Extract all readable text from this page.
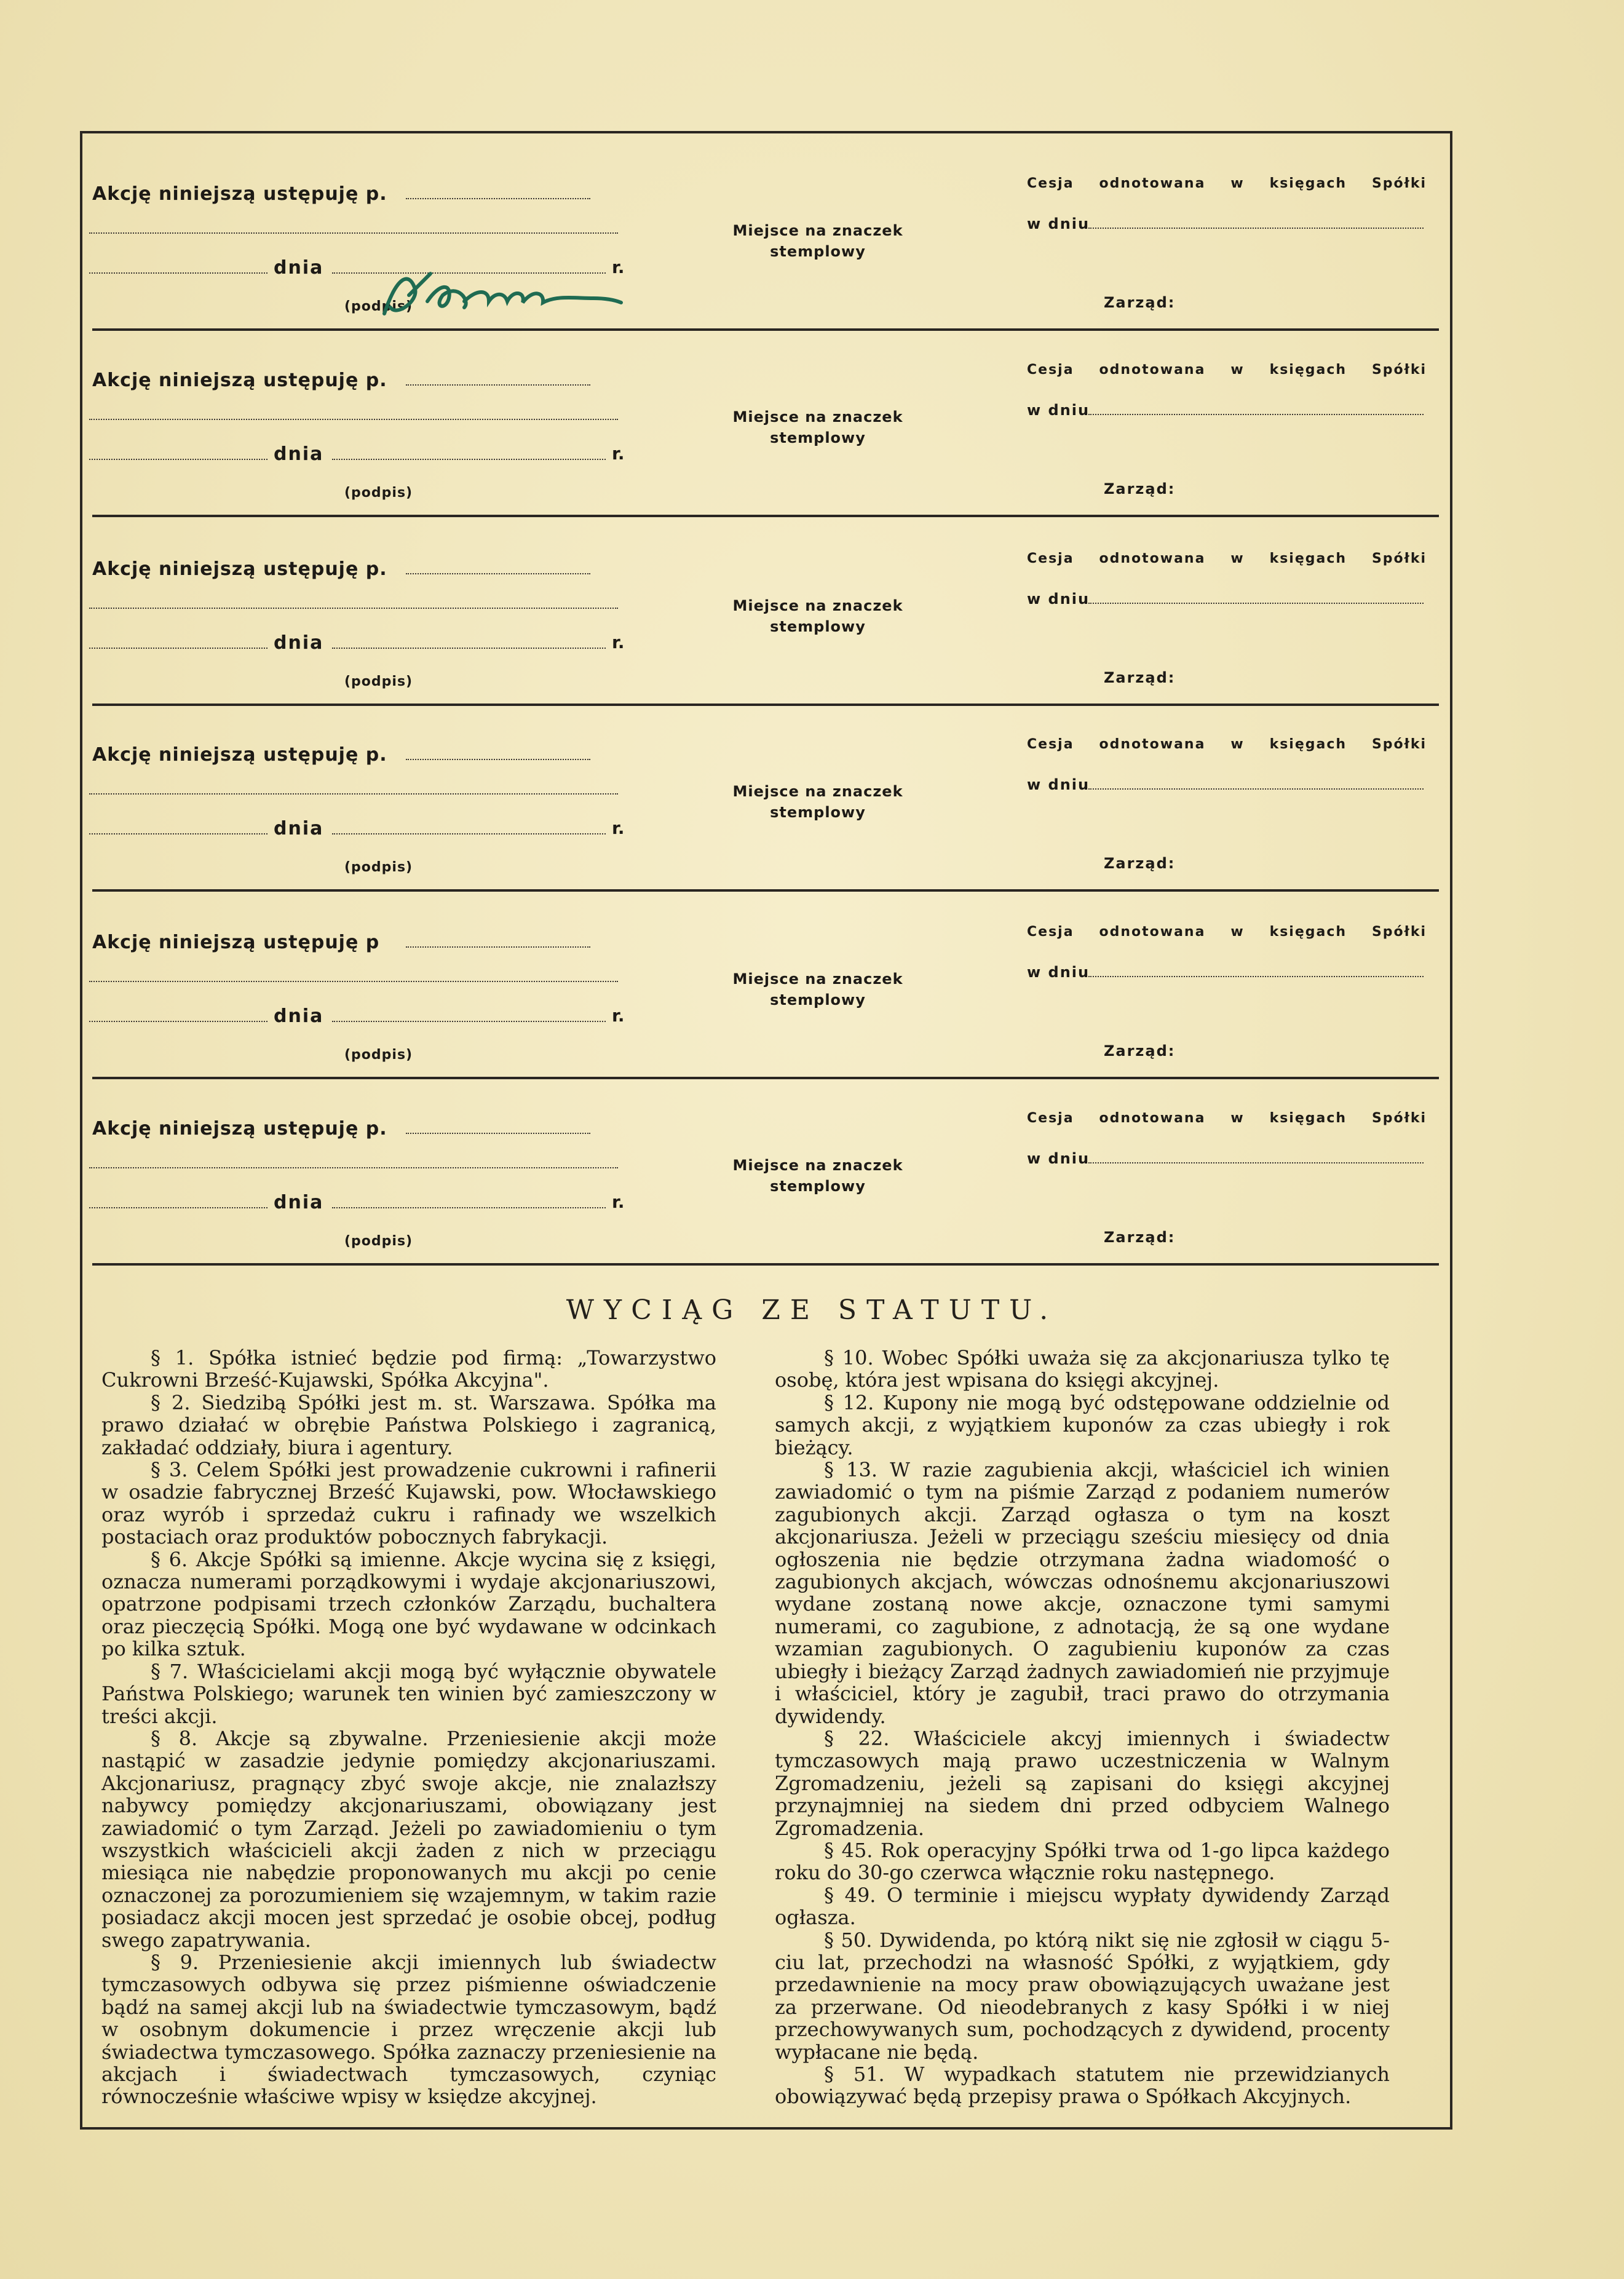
Akcję niniejszą ustępuję p.
dnia	r.
(podpis)
Miejsce na znaczek stemplowy
Cesja odnotowana w księgach Spółki
w dniu
Zarząd:
Akcję niniejszą ustępuję p.
dnia	r.
(podpis)
Miejsce na znaczek stemplowy
Cesja odnotowana w księgach Spółki
w dniu
Zarząd:
Akcję niniejszą ustępuję p.
dnia	r.
(podpis)
Miejsce na znaczek stemplowy
Cesja odnotowana w księgach Spółki
w dniu
Zarząd:
Akcję niniejszą ustępuję p.
dnia	r.
(podpis)
Miejsce na znaczek stemplowy
Cesja odnotowana w księgach Spółki
w dniu
Zarząd:
Akcję niniejszą ustępuję p
dnia	r.
(podpis)
Miejsce na znaczek stemplowy
Cesja odnotowana w księgach Spółki
w dniu
Zarząd:
Akcję niniejszą ustępuję p.
dnia	r.
(podpis)
Miejsce na znaczek stemplowy
Cesja odnotowana w księgach Spółki
w dniu
Zarząd:
WYCIĄG ZE STATUTU.

§ 1. Spółka istnieć będzie pod firmą: „Towarzystwo Cukrowni Brześć-Kujawski, Spółka Akcyjna".

§ 2. Siedzibą Spółki jest m. st. Warszawa. Spółka ma prawo działać w obrębie Państwa Polskiego i zagranicą, zakładać oddziały, biura i agentury.

§ 3. Celem Spółki jest prowadzenie cukrowni i rafinerii w osadzie fabrycznej Brześć Kujawski, pow. Włocławskiego oraz wyrób i sprzedaż cukru i rafinady we wszelkich postaciach oraz produktów pobocznych fabrykacji.

§ 6. Akcje Spółki są imienne. Akcje wycina się z księgi, oznacza numerami porządkowymi i wydaje akcjonariuszowi, opatrzone podpisami trzech członków Zarządu, buchaltera oraz pieczęcią Spółki. Mogą one być wydawane w odcinkach po kilka sztuk.

§ 7. Właścicielami akcji mogą być wyłącznie obywatele Państwa Polskiego; warunek ten winien być zamieszczony w treści akcji.

§ 8. Akcje są zbywalne. Przeniesienie akcji może nastąpić w zasadzie jedynie pomiędzy akcjonariuszami. Akcjonariusz, pragnący zbyć swoje akcje, nie znalazłszy nabywcy pomiędzy akcjonariuszami, obowiązany jest zawiadomić o tym Zarząd. Jeżeli po zawiadomieniu o tym wszystkich właścicieli akcji żaden z nich w przeciągu miesiąca nie nabędzie proponowanych mu akcji po cenie oznaczonej za porozumieniem się wzajemnym, w takim razie posiadacz akcji mocen jest sprzedać je osobie obcej, podług swego zapatrywania.

§ 9. Przeniesienie akcji imiennych lub świadectw tymczasowych odbywa się przez piśmienne oświadczenie bądź na samej akcji lub na świadectwie tymczasowym, bądź w osobnym dokumencie i przez wręczenie akcji lub świadectwa tymczasowego. Spółka zaznaczy przeniesienie na akcjach i świadectwach tymczasowych, czyniąc równocześnie właściwe wpisy w księdze akcyjnej.

§ 10. Wobec Spółki uważa się za akcjonariusza tylko tę osobę, która jest wpisana do księgi akcyjnej.

§ 12. Kupony nie mogą być odstępowane oddzielnie od samych akcji, z wyjątkiem kuponów za czas ubiegły i rok bieżący.

§ 13. W razie zagubienia akcji, właściciel ich winien zawiadomić o tym na piśmie Zarząd z podaniem numerów zagubionych akcji. Zarząd ogłasza o tym na koszt akcjonariusza. Jeżeli w przeciągu sześciu miesięcy od dnia ogłoszenia nie będzie otrzymana żadna wiadomość o zagubionych akcjach, wówczas odnośnemu akcjonariuszowi wydane zostaną nowe akcje, oznaczone tymi samymi numerami, co zagubione, z adnotacją, że są one wydane wzamian zagubionych. O zagubieniu kuponów za czas ubiegły i bieżący Zarząd żadnych zawiadomień nie przyjmuje i właściciel, który je zagubił, traci prawo do otrzymania dywidendy.

§ 22. Właściciele akcyj imiennych i świadectw tymczasowych mają prawo uczestniczenia w Walnym Zgromadzeniu, jeżeli są zapisani do księgi akcyjnej przynajmniej na siedem dni przed odbyciem Walnego Zgromadzenia.

§ 45. Rok operacyjny Spółki trwa od 1-go lipca każdego roku do 30-go czerwca włącznie roku następnego.

§ 49. O terminie i miejscu wypłaty dywidendy Zarząd ogłasza.

§ 50. Dywidenda, po którą nikt się nie zgłosił w ciągu 5-ciu lat, przechodzi na własność Spółki, z wyjątkiem, gdy przedawnienie na mocy praw obowiązujących uważane jest za przerwane. Od nieodebranych z kasy Spółki i w niej przechowywanych sum, pochodzących z dywidend, procenty wypłacane nie będą.

§ 51. W wypadkach statutem nie przewidzianych obowiązywać będą przepisy prawa o Spółkach Akcyjnych.
